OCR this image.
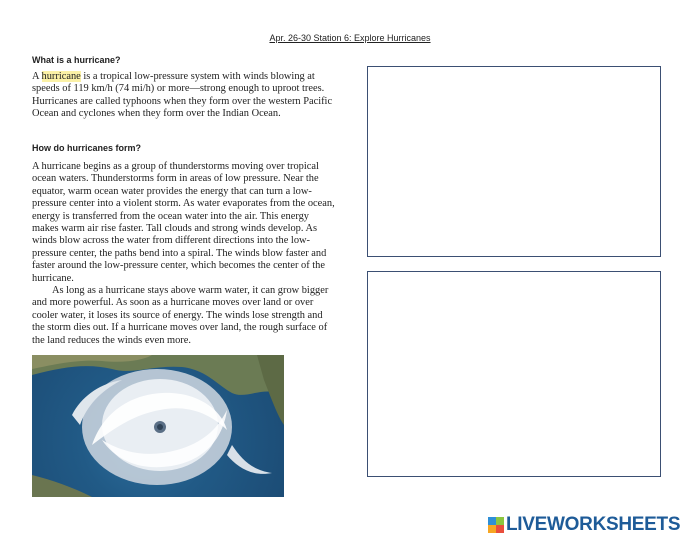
Apr. 26-30 Station 6: Explore Hurricanes
What is a hurricane?

A hurricane is a tropical low-pressure system with winds blowing at speeds of 119 km/h (74 mi/h) or more—strong enough to uproot trees. Hurricanes are called typhoons when they form over the western Pacific Ocean and cyclones when they form over the Indian Ocean.

How do hurricanes form?

A hurricane begins as a group of thunderstorms moving over tropical ocean waters. Thunderstorms form in areas of low pressure. Near the equator, warm ocean water provides the energy that can turn a low-pressure center into a violent storm. As water evaporates from the ocean, energy is transferred from the ocean water into the air. This energy makes warm air rise faster. Tall clouds and strong winds develop. As winds blow across the water from different directions into the low-pressure center, the paths bend into a spiral. The winds blow faster and faster around the low-pressure center, which becomes the center of the hurricane.

As long as a hurricane stays above warm water, it can grow bigger and more powerful. As soon as a hurricane moves over land or over cooler water, it loses its source of energy. The winds lose strength and the storm dies out. If a hurricane moves over land, the rough surface of the land reduces the winds even more.

LIVEWORKSHEETS
